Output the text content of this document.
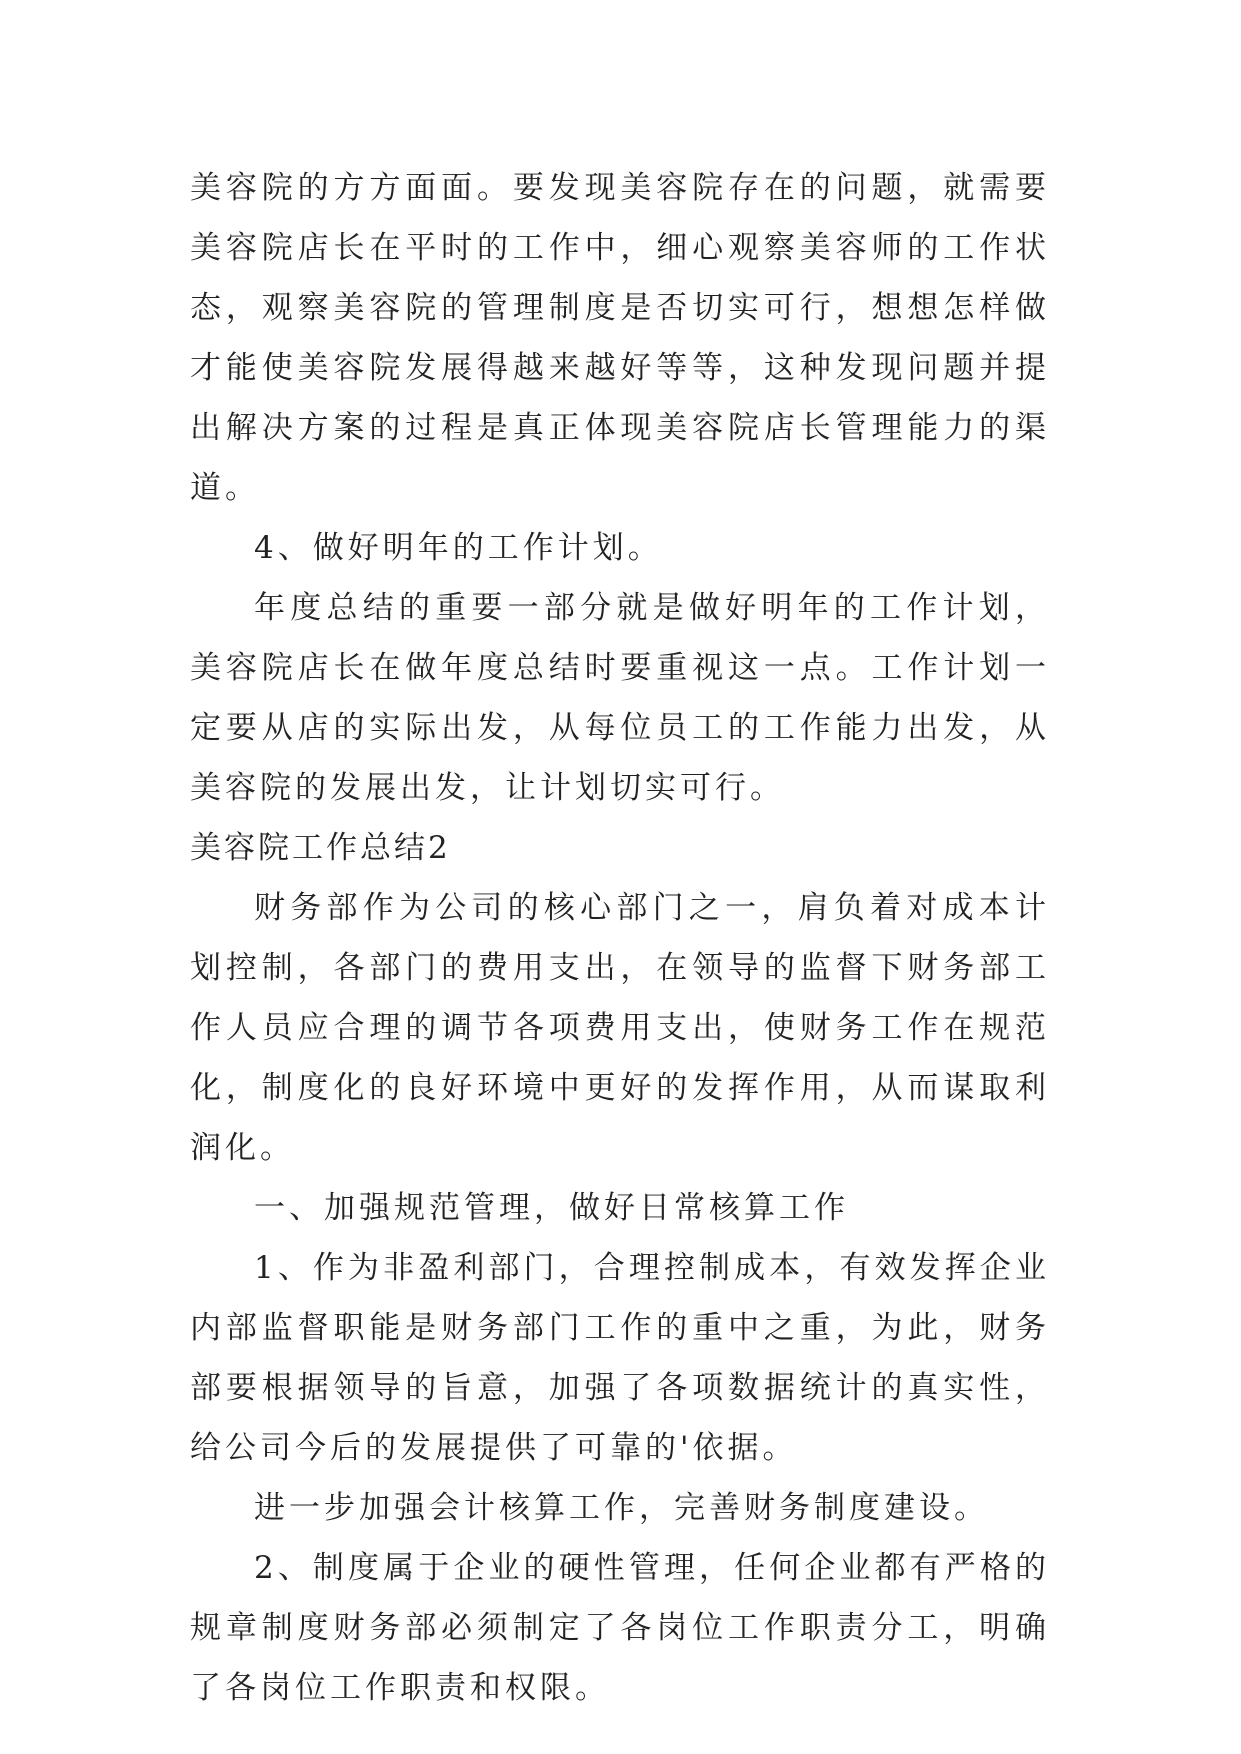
美容院的方方面面。要发现美容院存在的问题，就需要美容院店长在平时的工作中，细心观察美容师的工作状态，观察美容院的管理制度是否切实可行，想想怎样做才能使美容院发展得越来越好等等，这种发现问题并提出解决方案的过程是真正体现美容院店长管理能力的渠道。

4、做好明年的工作计划。

年度总结的重要一部分就是做好明年的工作计划，美容院店长在做年度总结时要重视这一点。工作计划一定要从店的实际出发，从每位员工的工作能力出发，从美容院的发展出发，让计划切实可行。

美容院工作总结2

财务部作为公司的核心部门之一，肩负着对成本计划控制，各部门的费用支出，在领导的监督下财务部工作人员应合理的调节各项费用支出，使财务工作在规范化，制度化的良好环境中更好的发挥作用，从而谋取利润化。

一、加强规范管理，做好日常核算工作

1、作为非盈利部门，合理控制成本，有效发挥企业内部监督职能是财务部门工作的重中之重，为此，财务部要根据领导的旨意，加强了各项数据统计的真实性，给公司今后的发展提供了可靠的'依据。

进一步加强会计核算工作，完善财务制度建设。

2、制度属于企业的硬性管理，任何企业都有严格的规章制度财务部必须制定了各岗位工作职责分工，明确了各岗位工作职责和权限。
